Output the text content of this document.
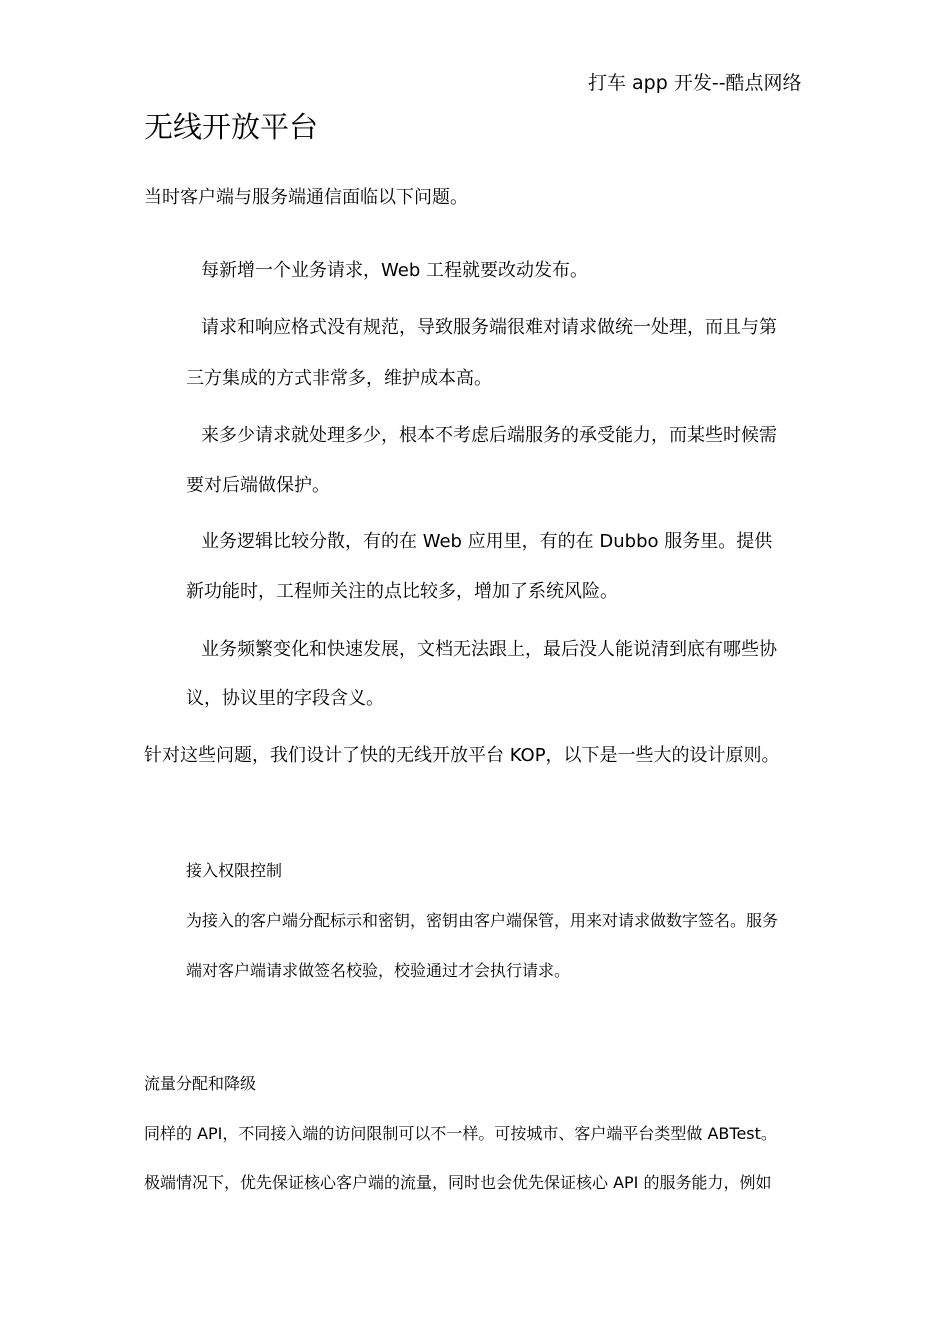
打车 app 开发--酷点网络
无线开放平台

当时客户端与服务端通信面临以下问题。

每新增一个业务请求，Web 工程就要改动发布。

请求和响应格式没有规范，导致服务端很难对请求做统一处理，而且与第

三方集成的方式非常多，维护成本高。

来多少请求就处理多少，根本不考虑后端服务的承受能力，而某些时候需

要对后端做保护。

业务逻辑比较分散，有的在 Web 应用里，有的在 Dubbo 服务里。提供

新功能时，工程师关注的点比较多，增加了系统风险。

业务频繁变化和快速发展，文档无法跟上，最后没人能说清到底有哪些协

议，协议里的字段含义。

针对这些问题，我们设计了快的无线开放平台 KOP，以下是一些大的设计原则。

接入权限控制

为接入的客户端分配标示和密钥，密钥由客户端保管，用来对请求做数字签名。服务

端对客户端请求做签名校验，校验通过才会执行请求。

流量分配和降级

同样的 API，不同接入端的访问限制可以不一样。可按城市、客户端平台类型做 ABTest。

极端情况下，优先保证核心客户端的流量，同时也会优先保证核心 API 的服务能力，例如
